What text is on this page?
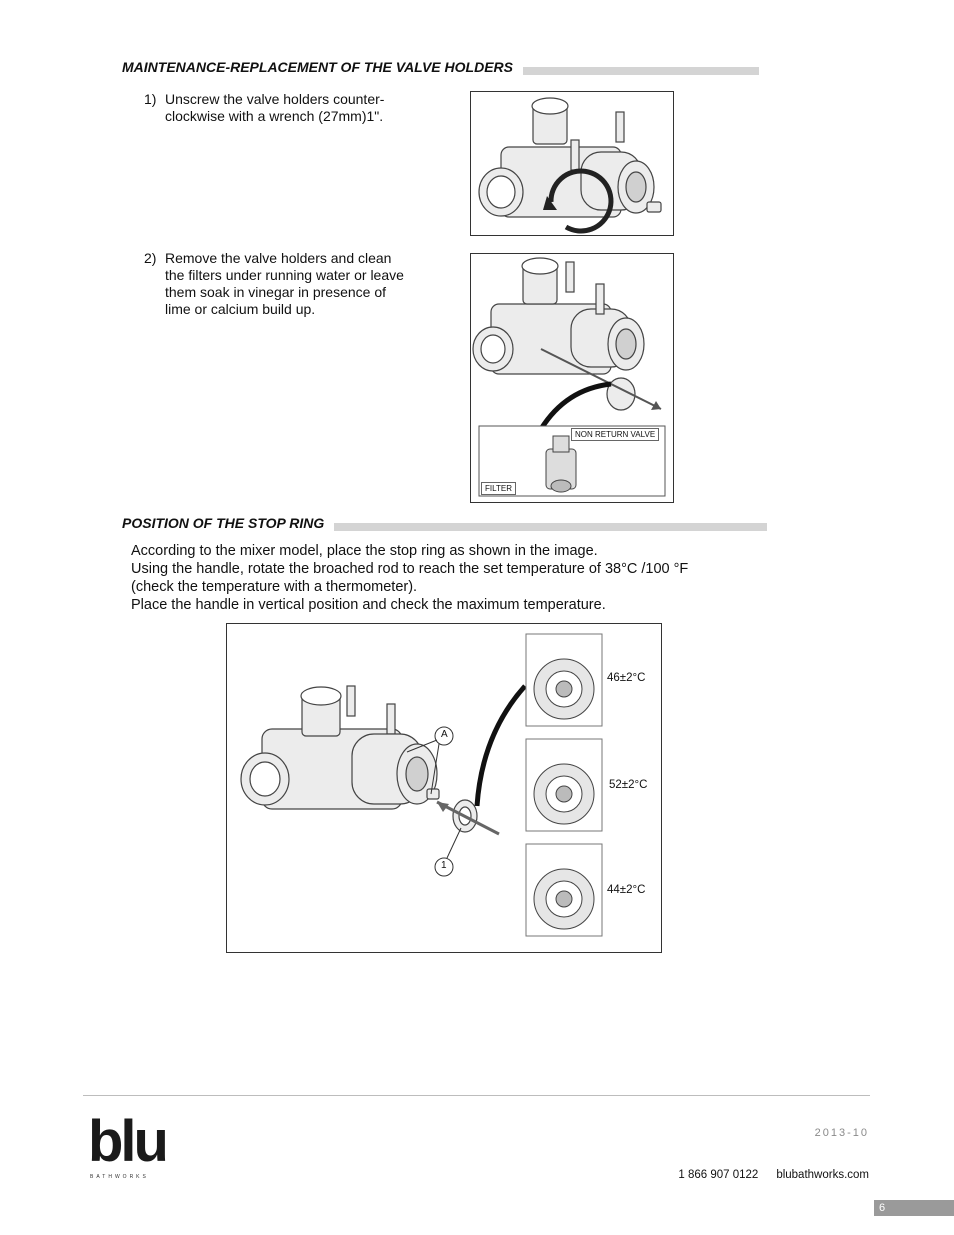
MAINTENANCE-REPLACEMENT OF THE VALVE HOLDERS
1) Unscrew the valve holders counter-
clockwise with a wrench (27mm)1".
2) Remove the valve holders and clean
the filters under running water or leave
them soak in vinegar in presence of
lime or calcium build up.
NON RETURN VALVE
FILTER
POSITION OF THE STOP RING
According to the mixer model, place the stop ring as shown in the image.
Using the handle, rotate the broached rod to reach the set temperature of 38°C /100 °F
(check the temperature with a thermometer).
Place the handle in vertical position and check the maximum temperature.
A
1
46±2°C
52±2°C
44±2°C
blu
BATHWORKS
2013-10
1 866 907 0122 blubathworks.com
6
